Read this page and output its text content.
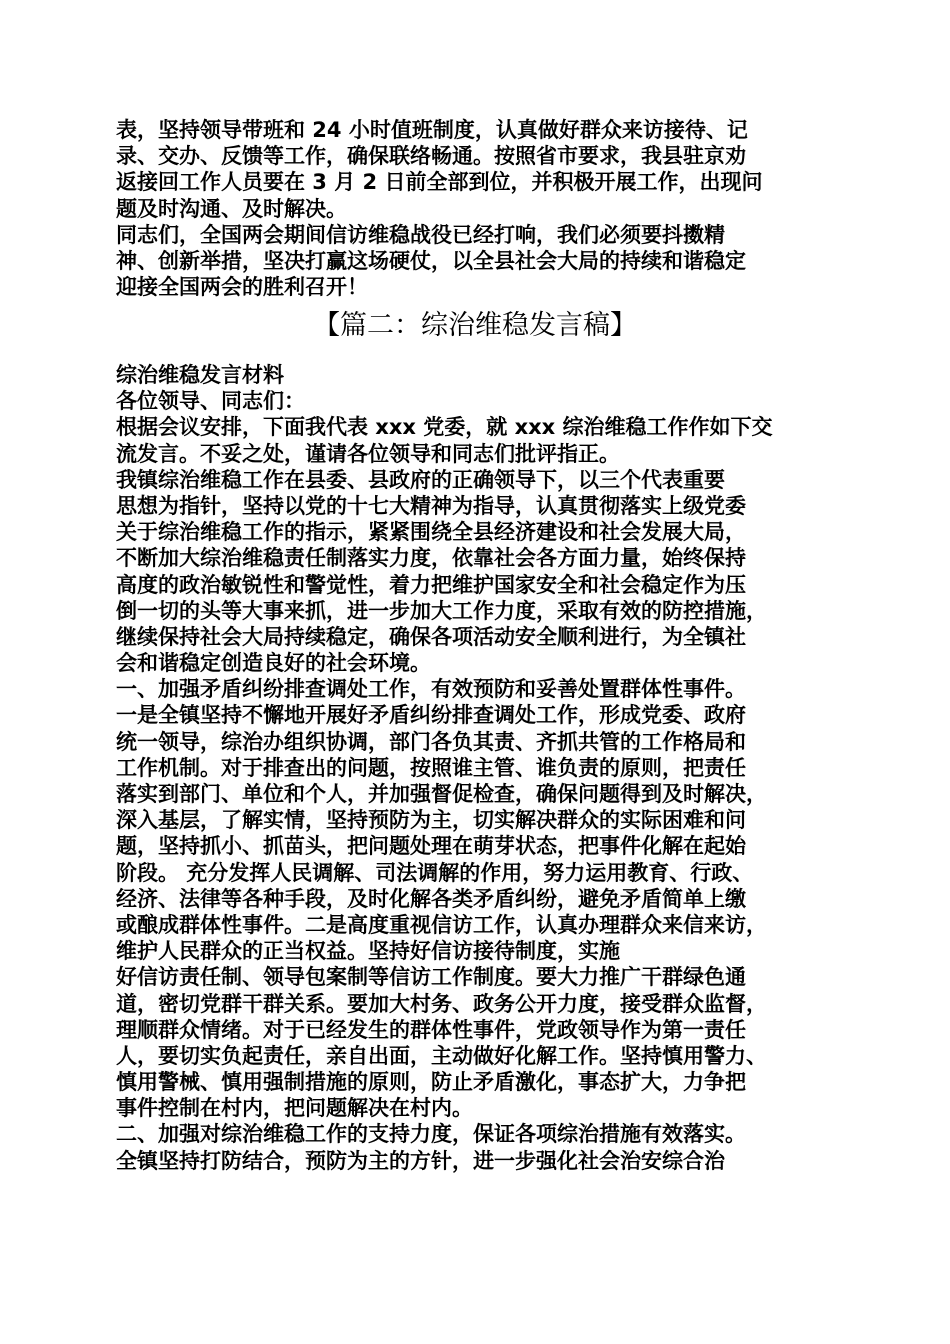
表，坚持领导带班和 24 小时值班制度，认真做好群众来访接待、记
录、交办、反馈等工作，确保联络畅通。按照省市要求，我县驻京劝
返接回工作人员要在 3 月 2 日前全部到位，并积极开展工作，出现问
题及时沟通、及时解决。
同志们，全国两会期间信访维稳战役已经打响，我们必须要抖擞精
神、创新举措，坚决打赢这场硬仗，以全县社会大局的持续和谐稳定
迎接全国两会的胜利召开！
【篇二：综治维稳发言稿】
综治维稳发言材料
各位领导、同志们：
根据会议安排，下面我代表 xxx 党委，就 xxx 综治维稳工作作如下交
流发言。不妥之处，谨请各位领导和同志们批评指正。
我镇综治维稳工作在县委、县政府的正确领导下，以三个代表重要
思想为指针，坚持以党的十七大精神为指导，认真贯彻落实上级党委
关于综治维稳工作的指示，紧紧围绕全县经济建设和社会发展大局，
不断加大综治维稳责任制落实力度，依靠社会各方面力量，始终保持
高度的政治敏锐性和警觉性，着力把维护国家安全和社会稳定作为压
倒一切的头等大事来抓，进一步加大工作力度，采取有效的防控措施，
继续保持社会大局持续稳定，确保各项活动安全顺利进行，为全镇社
会和谐稳定创造良好的社会环境。
一、加强矛盾纠纷排查调处工作，有效预防和妥善处置群体性事件。
一是全镇坚持不懈地开展好矛盾纠纷排查调处工作，形成党委、政府
统一领导，综治办组织协调，部门各负其责、齐抓共管的工作格局和
工作机制。对于排查出的问题，按照谁主管、谁负责的原则，把责任
落实到部门、单位和个人，并加强督促检查，确保问题得到及时解决，
深入基层，了解实情，坚持预防为主，切实解决群众的实际困难和问
题，坚持抓小、抓苗头，把问题处理在萌芽状态，把事件化解在起始
阶段。 充分发挥人民调解、司法调解的作用，努力运用教育、行政、
经济、法律等各种手段，及时化解各类矛盾纠纷，避免矛盾简单上缴
或酿成群体性事件。二是高度重视信访工作，认真办理群众来信来访，
维护人民群众的正当权益。坚持好信访接待制度，实施
好信访责任制、领导包案制等信访工作制度。要大力推广干群绿色通
道，密切党群干群关系。要加大村务、政务公开力度，接受群众监督，
理顺群众情绪。对于已经发生的群体性事件，党政领导作为第一责任
人，要切实负起责任，亲自出面，主动做好化解工作。坚持慎用警力、
慎用警械、慎用强制措施的原则，防止矛盾激化，事态扩大，力争把
事件控制在村内，把问题解决在村内。
二、加强对综治维稳工作的支持力度，保证各项综治措施有效落实。
全镇坚持打防结合，预防为主的方针，进一步强化社会治安综合治
